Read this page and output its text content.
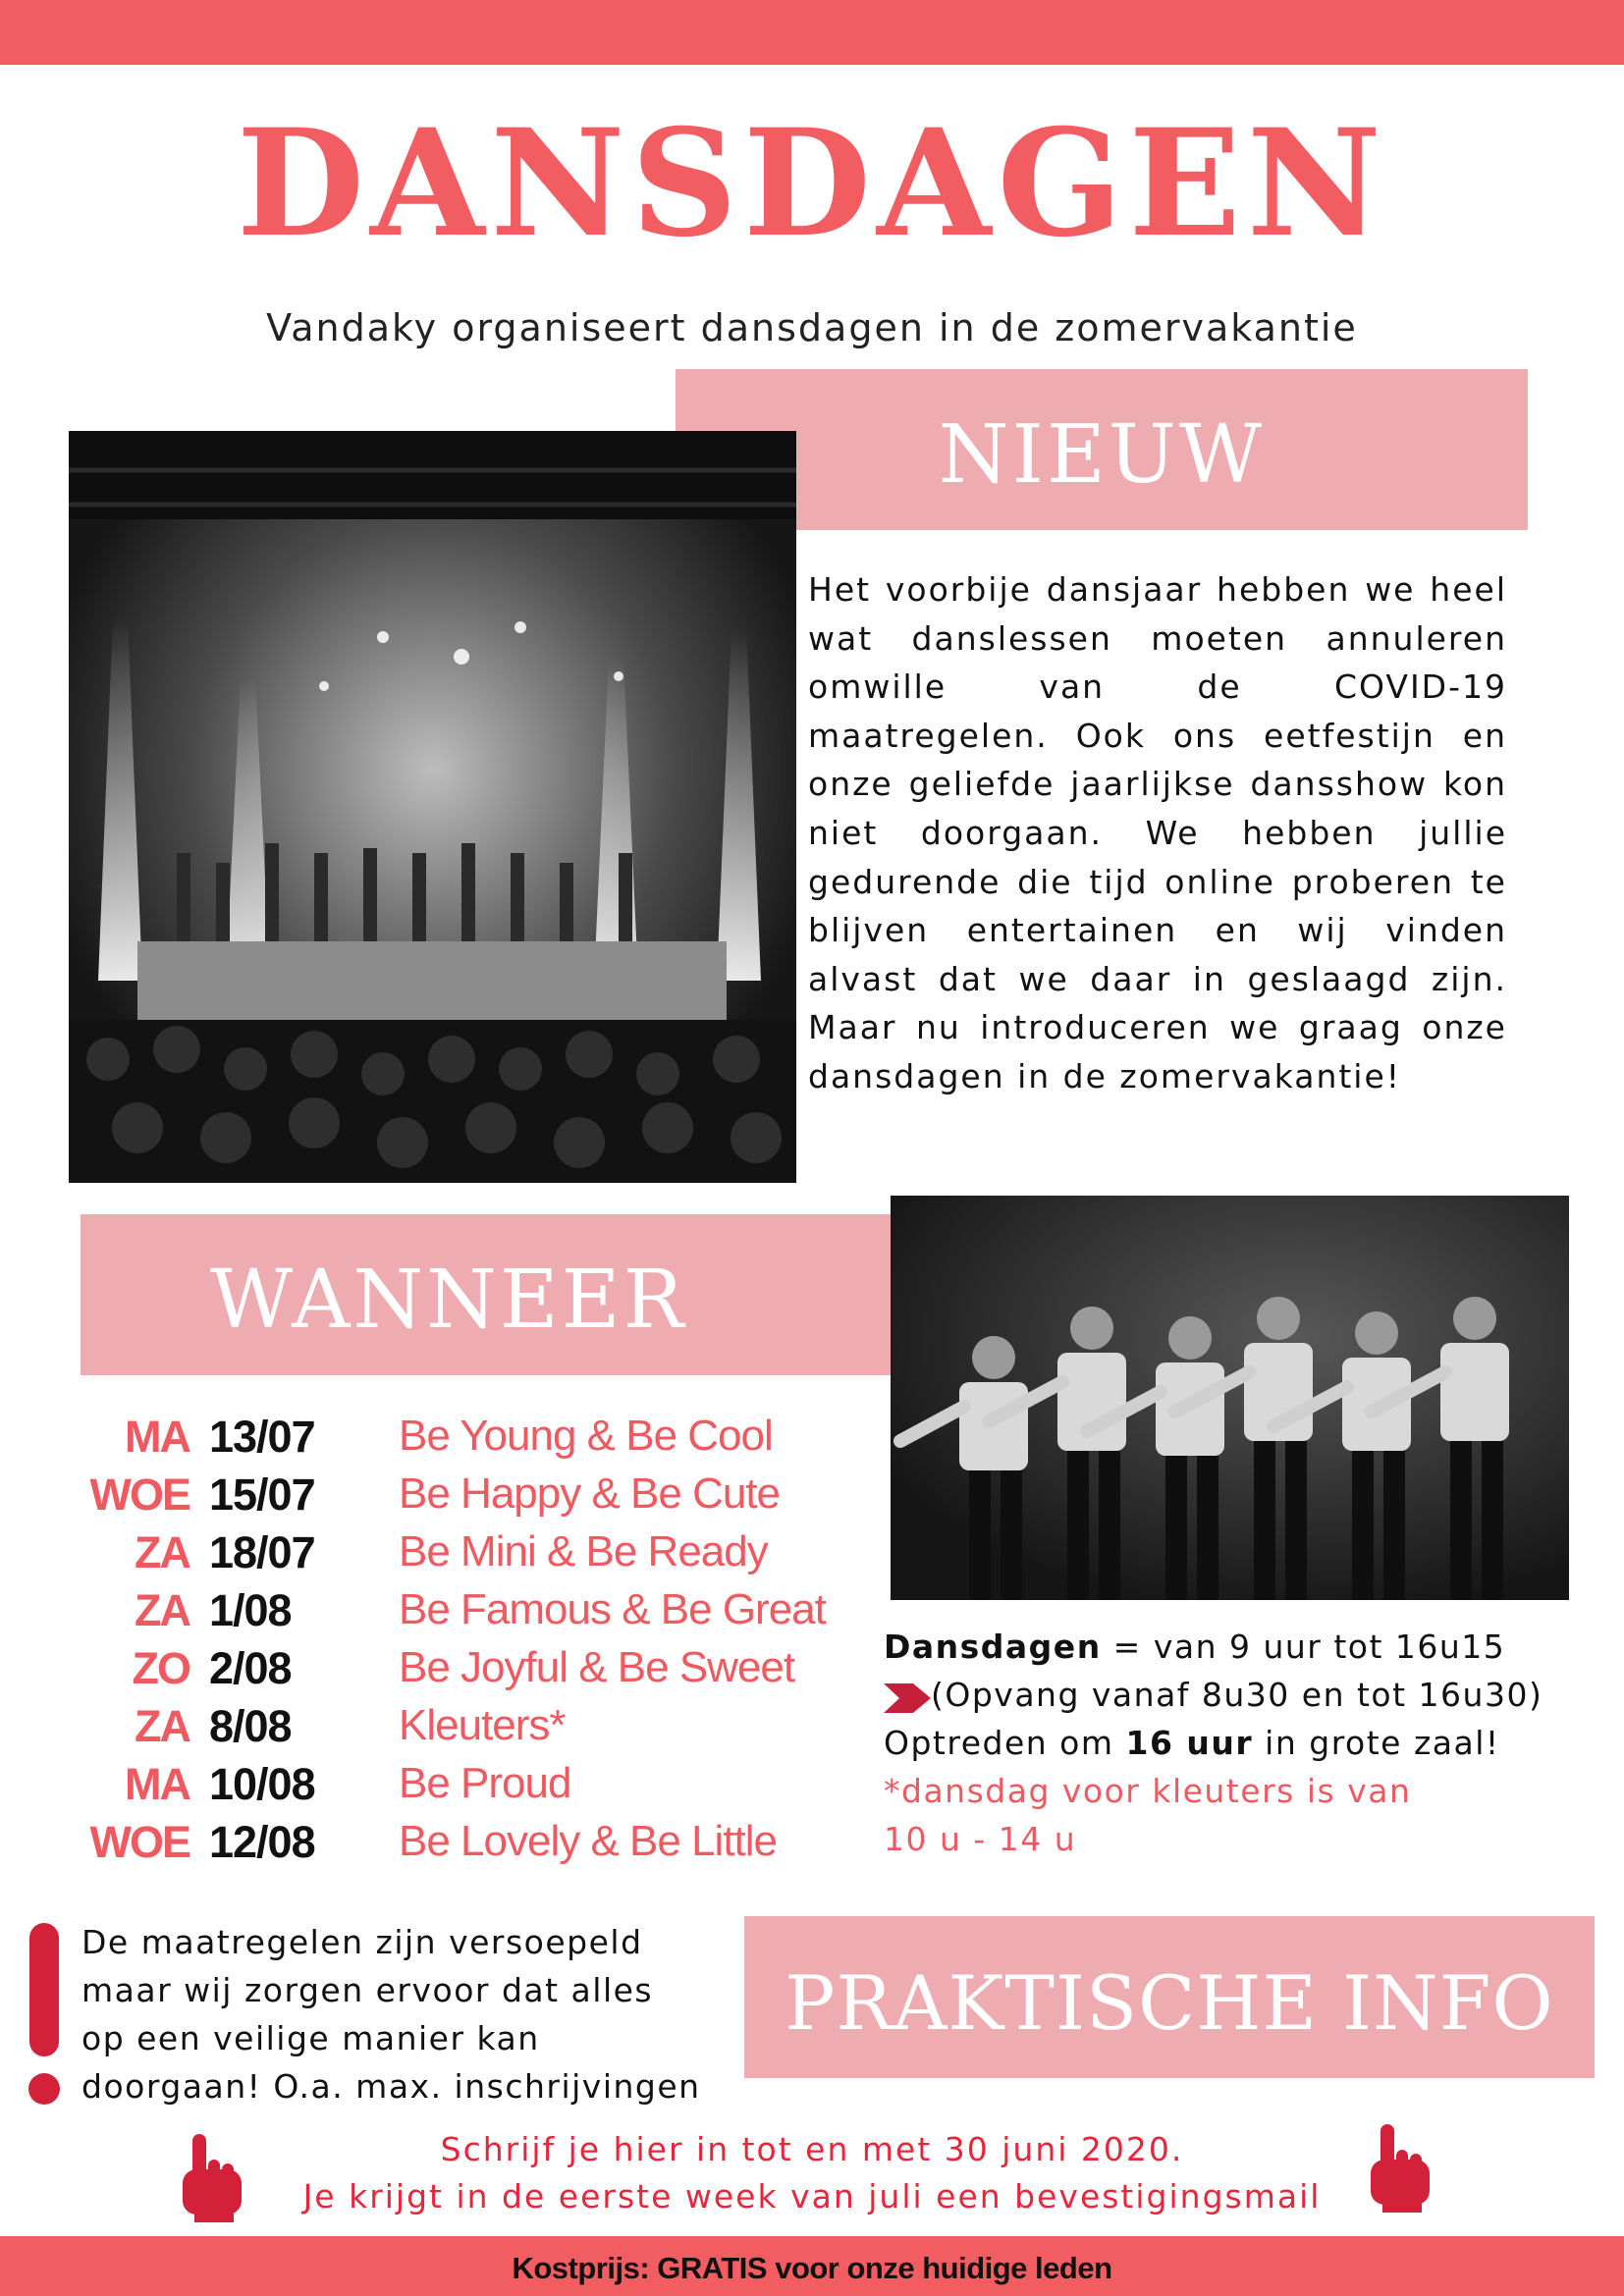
DANSDAGEN
Vandaky organiseert dansdagen in de zomervakantie
NIEUW
Het voorbije dansjaar hebben we heel wat danslessen moeten annuleren omwille van de COVID-19 maatregelen. Ook ons eetfestijn en onze geliefde jaarlijkse dansshow kon niet doorgaan. We hebben jullie gedurende die tijd online proberen te blijven entertainen en wij vinden alvast dat we daar in geslaagd zijn. Maar nu introduceren we graag onze dansdagen in de zomervakantie!
WANNEER
MA 13/07 Be Young & Be Cool
WOE 15/07 Be Happy & Be Cute
ZA 18/07 Be Mini & Be Ready
ZA 1/08 Be Famous & Be Great
ZO 2/08 Be Joyful & Be Sweet
ZA 8/08 Kleuters*
MA 10/08 Be Proud
WOE 12/08 Be Lovely & Be Little
Dansdagen = van 9 uur tot 16u15
(Opvang vanaf 8u30 en tot 16u30)
Optreden om 16 uur in grote zaal!
*dansdag voor kleuters is van
10 u - 14 u
De maatregelen zijn versoepeld
maar wij zorgen ervoor dat alles
op een veilige manier kan
doorgaan! O.a. max. inschrijvingen
PRAKTISCHE INFO
Schrijf je hier in tot en met 30 juni 2020.
Je krijgt in de eerste week van juli een bevestigingsmail
Kostprijs: GRATIS voor onze huidige leden
